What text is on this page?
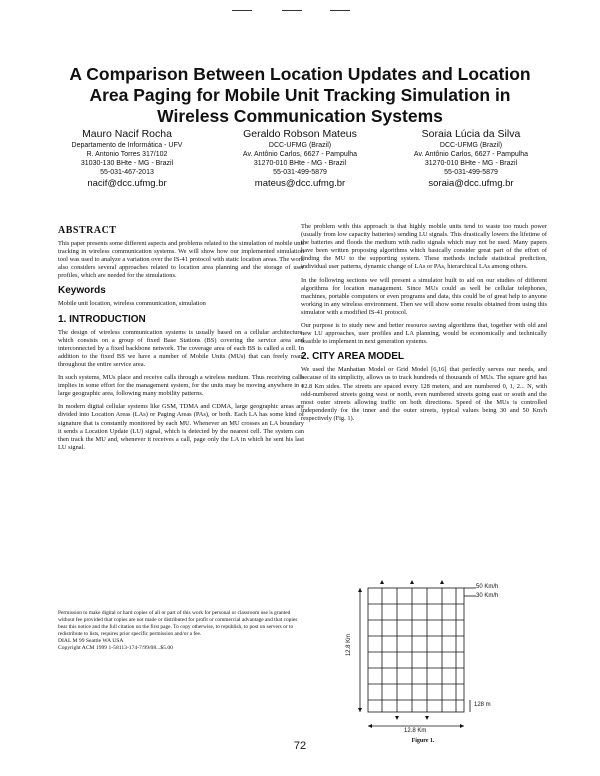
A Comparison Between Location Updates and Location
Area Paging for Mobile Unit Tracking Simulation in
Wireless Communication Systems
Mauro Nacif Rocha
Departamento de Informática - UFV
R. Antonio Torres 317/102
31030-130 BHte - MG - Brazil
55-031-467-2013
nacif@dcc.ufmg.br
Geraldo Robson Mateus
DCC-UFMG (Brazil)
Av. Antônio Carlos, 6627 - Pampulha
31270-010 BHte - MG - Brazil
55-031-499-5879
mateus@dcc.ufmg.br
Soraia Lúcia da Silva
DCC-UFMG (Brazil)
Av. Antônio Carlos, 6627 - Pampulha
31270-010 BHte - MG - Brazil
55-031-499-5879
soraia@dcc.ufmg.br
ABSTRACT

This paper presents some different aspects and problems related to the simulation of mobile unit tracking in wireless communication systems. We will show how our implemented simulation tool was used to analyze a variation over the IS-41 protocol with static location areas. The work also considers several approaches related to location area planning and the storage of user profiles, which are needed for the simulations.

Keywords

Mobile unit location, wireless communication, simulation

1. INTRODUCTION

The design of wireless communication systems is usually based on a cellular architecture, which consists on a group of fixed Base Stations (BS) covering the service area and interconnected by a fixed backbone network. The coverage area of each BS is called a cell. In addition to the fixed BS we have a number of Mobile Units (MUs) that can freely roam throughout the entire service area.

In such systems, MUs place and receive calls through a wireless medium. Thus receiving calls implies in some effort for the management system, for the units may be moving anywhere in a large geographic area, following many mobility patterns.

In modern digital cellular systems like GSM, TDMA and CDMA, large geographic areas are divided into Location Areas (LAs) or Paging Areas (PAs), or both. Each LA has some kind of signature that is constantly monitored by each MU. Whenever an MU crosses an LA boundary it sends a Location Update (LU) signal, which is detected by the nearest cell. The system can then track the MU and, whenever it receives a call, page only the LA in which he sent his last LU signal.

Permission to make digital or hard copies of all or part of this work for personal or classroom use is granted without fee provided that copies are not made or distributed for profit or commercial advantage and that copies bear this notice and the full citation on the first page. To copy otherwise, to republish, to post on servers or to redistribute to lists, requires prior specific permission and/or a fee.

DIAL M 99 Seattle WA USA

Copyright ACM 1999 1-58113-174-7/99/08...$5.00

The problem with this approach is that highly mobile units tend to waste too much power (usually from low capacity batteries) sending LU signals. This drastically lowers the lifetime of the batteries and floods the medium with radio signals which may not be used. Many papers have been written proposing algorithms which basically consider great part of the effort of finding the MU to the supporting system. These methods include statistical prediction, individual user patterns, dynamic change of LAs or PAs, hierarchical LAs among others.

In the following sections we will present a simulator built to aid on our studies of different algorithms for location management. Since MUs could as well be cellular telephones, machines, portable computers or even programs and data, this could be of great help to anyone working in any wireless environment. Then we will show some results obtained from using this simulator with a modified IS-41 protocol.

Our purpose is to study new and better resource saving algorithms that, together with old and new LU approaches, user profiles and LA planning, would be economically and technically feasible to implement in next generation systems.

2. CITY AREA MODEL

We used the Manhattan Model or Grid Model [6,16] that perfectly serves our needs, and because of its simplicity, allows us to track hundreds of thousands of MUs. The square grid has 12.8 Km sides. The streets are spaced every 128 meters, and are numbered 0, 1, 2... N, with odd-numbered streets going west or north, even numbered streets going east or south and the most outer streets allowing traffic on both directions. Speed of the MUs is controlled independently for the inner and the outer streets, typical values being 30 and 50 Km/h respectively (Fig. 1).

50 Km/h
30 Km/h
12.8 Km
128 m
12.8 Km
Figure 1.
72
